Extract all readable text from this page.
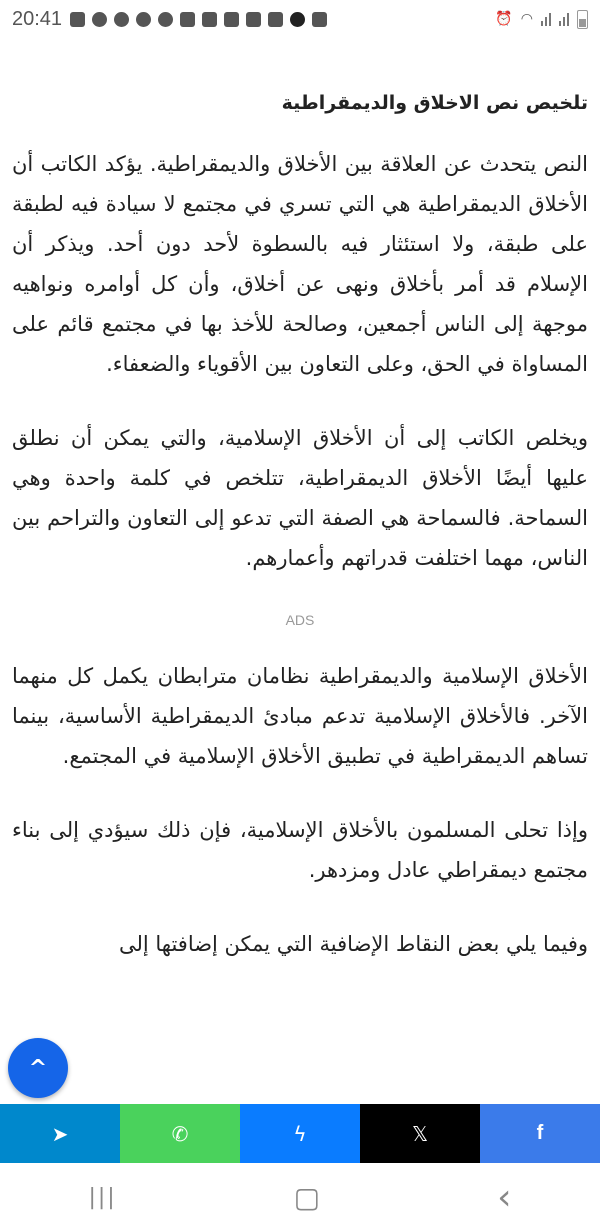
20:41	⏰ ◠
تلخيص نص الاخلاق والديمقراطية

النص يتحدث عن العلاقة بين الأخلاق والديمقراطية. يؤكد الكاتب أن الأخلاق الديمقراطية هي التي تسري في مجتمع لا سيادة فيه لطبقة على طبقة، ولا استئثار فيه بالسطوة لأحد دون أحد. ويذكر أن الإسلام قد أمر بأخلاق ونهى عن أخلاق، وأن كل أوامره ونواهيه موجهة إلى الناس أجمعين، وصالحة للأخذ بها في مجتمع قائم على المساواة في الحق، وعلى التعاون بين الأقوياء والضعفاء.

ويخلص الكاتب إلى أن الأخلاق الإسلامية، والتي يمكن أن نطلق عليها أيضًا الأخلاق الديمقراطية، تتلخص في كلمة واحدة وهي السماحة. فالسماحة هي الصفة التي تدعو إلى التعاون والتراحم بين الناس، مهما اختلفت قدراتهم وأعمارهم.

ADS

الأخلاق الإسلامية والديمقراطية نظامان مترابطان يكمل كل منهما الآخر. فالأخلاق الإسلامية تدعم مبادئ الديمقراطية الأساسية، بينما تساهم الديمقراطية في تطبيق الأخلاق الإسلامية في المجتمع.

وإذا تحلى المسلمون بالأخلاق الإسلامية، فإن ذلك سيؤدي إلى بناء مجتمع ديمقراطي عادل ومزدهر.

وفيما يلي بعض النقاط الإضافية التي يمكن إضافتها إلى

^
➤	✆	ϟ	𝕏	f
|||	▢	‹
